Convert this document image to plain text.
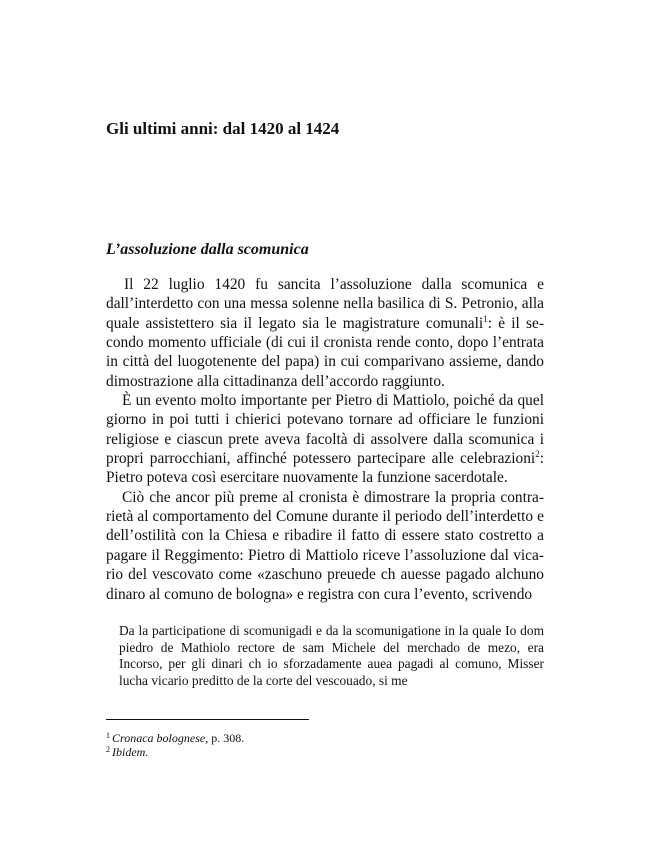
Gli ultimi anni: dal 1420 al 1424
L’assoluzione dalla scomunica

Il 22 luglio 1420 fu sancita l’assoluzione dalla scomunica e dall’interdetto con una messa solenne nella basilica di S. Petronio, alla quale assistettero sia il legato sia le magistrature comunali$^1$: è il secondo momento ufficiale (di cui il cronista rende conto, dopo l’entrata in città del luogotenente del papa) in cui comparivano assieme, dando dimostrazione alla cittadinanza dell’accordo raggiunto.

È un evento molto importante per Pietro di Mattiolo, poiché da quel giorno in poi tutti i chierici potevano tornare ad officiare le funzioni religiose e ciascun prete aveva facoltà di assolvere dalla scomunica i propri parrocchiani, affinché potessero partecipare alle celebrazioni$^2$: Pietro poteva così esercitare nuovamente la funzione sacerdotale.

Ciò che ancor più preme al cronista è dimostrare la propria contrarietà al comportamento del Comune durante il periodo dell’interdetto e dell’ostilità con la Chiesa e ribadire il fatto di essere stato costretto a pagare il Reggimento: Pietro di Mattiolo riceve l’assoluzione dal vicario del vescovato come «zaschuno preuede ch auesse pagado alchuno dinaro al comuno de bologna» e registra con cura l’evento, scrivendo

Da la participatione di scomunigadi e da la scomunigatione in la quale Io dom piedro de Mathiolo rectore de sam Michele del merchado de mezo, era Incorso, per gli dinari ch io sforzadamente auea pagadi al comuno, Misser lucha vicario preditto de la corte del vescouado, si me

$^1$ Cronaca bolognese, p. 308.

$^2$ Ibidem.
